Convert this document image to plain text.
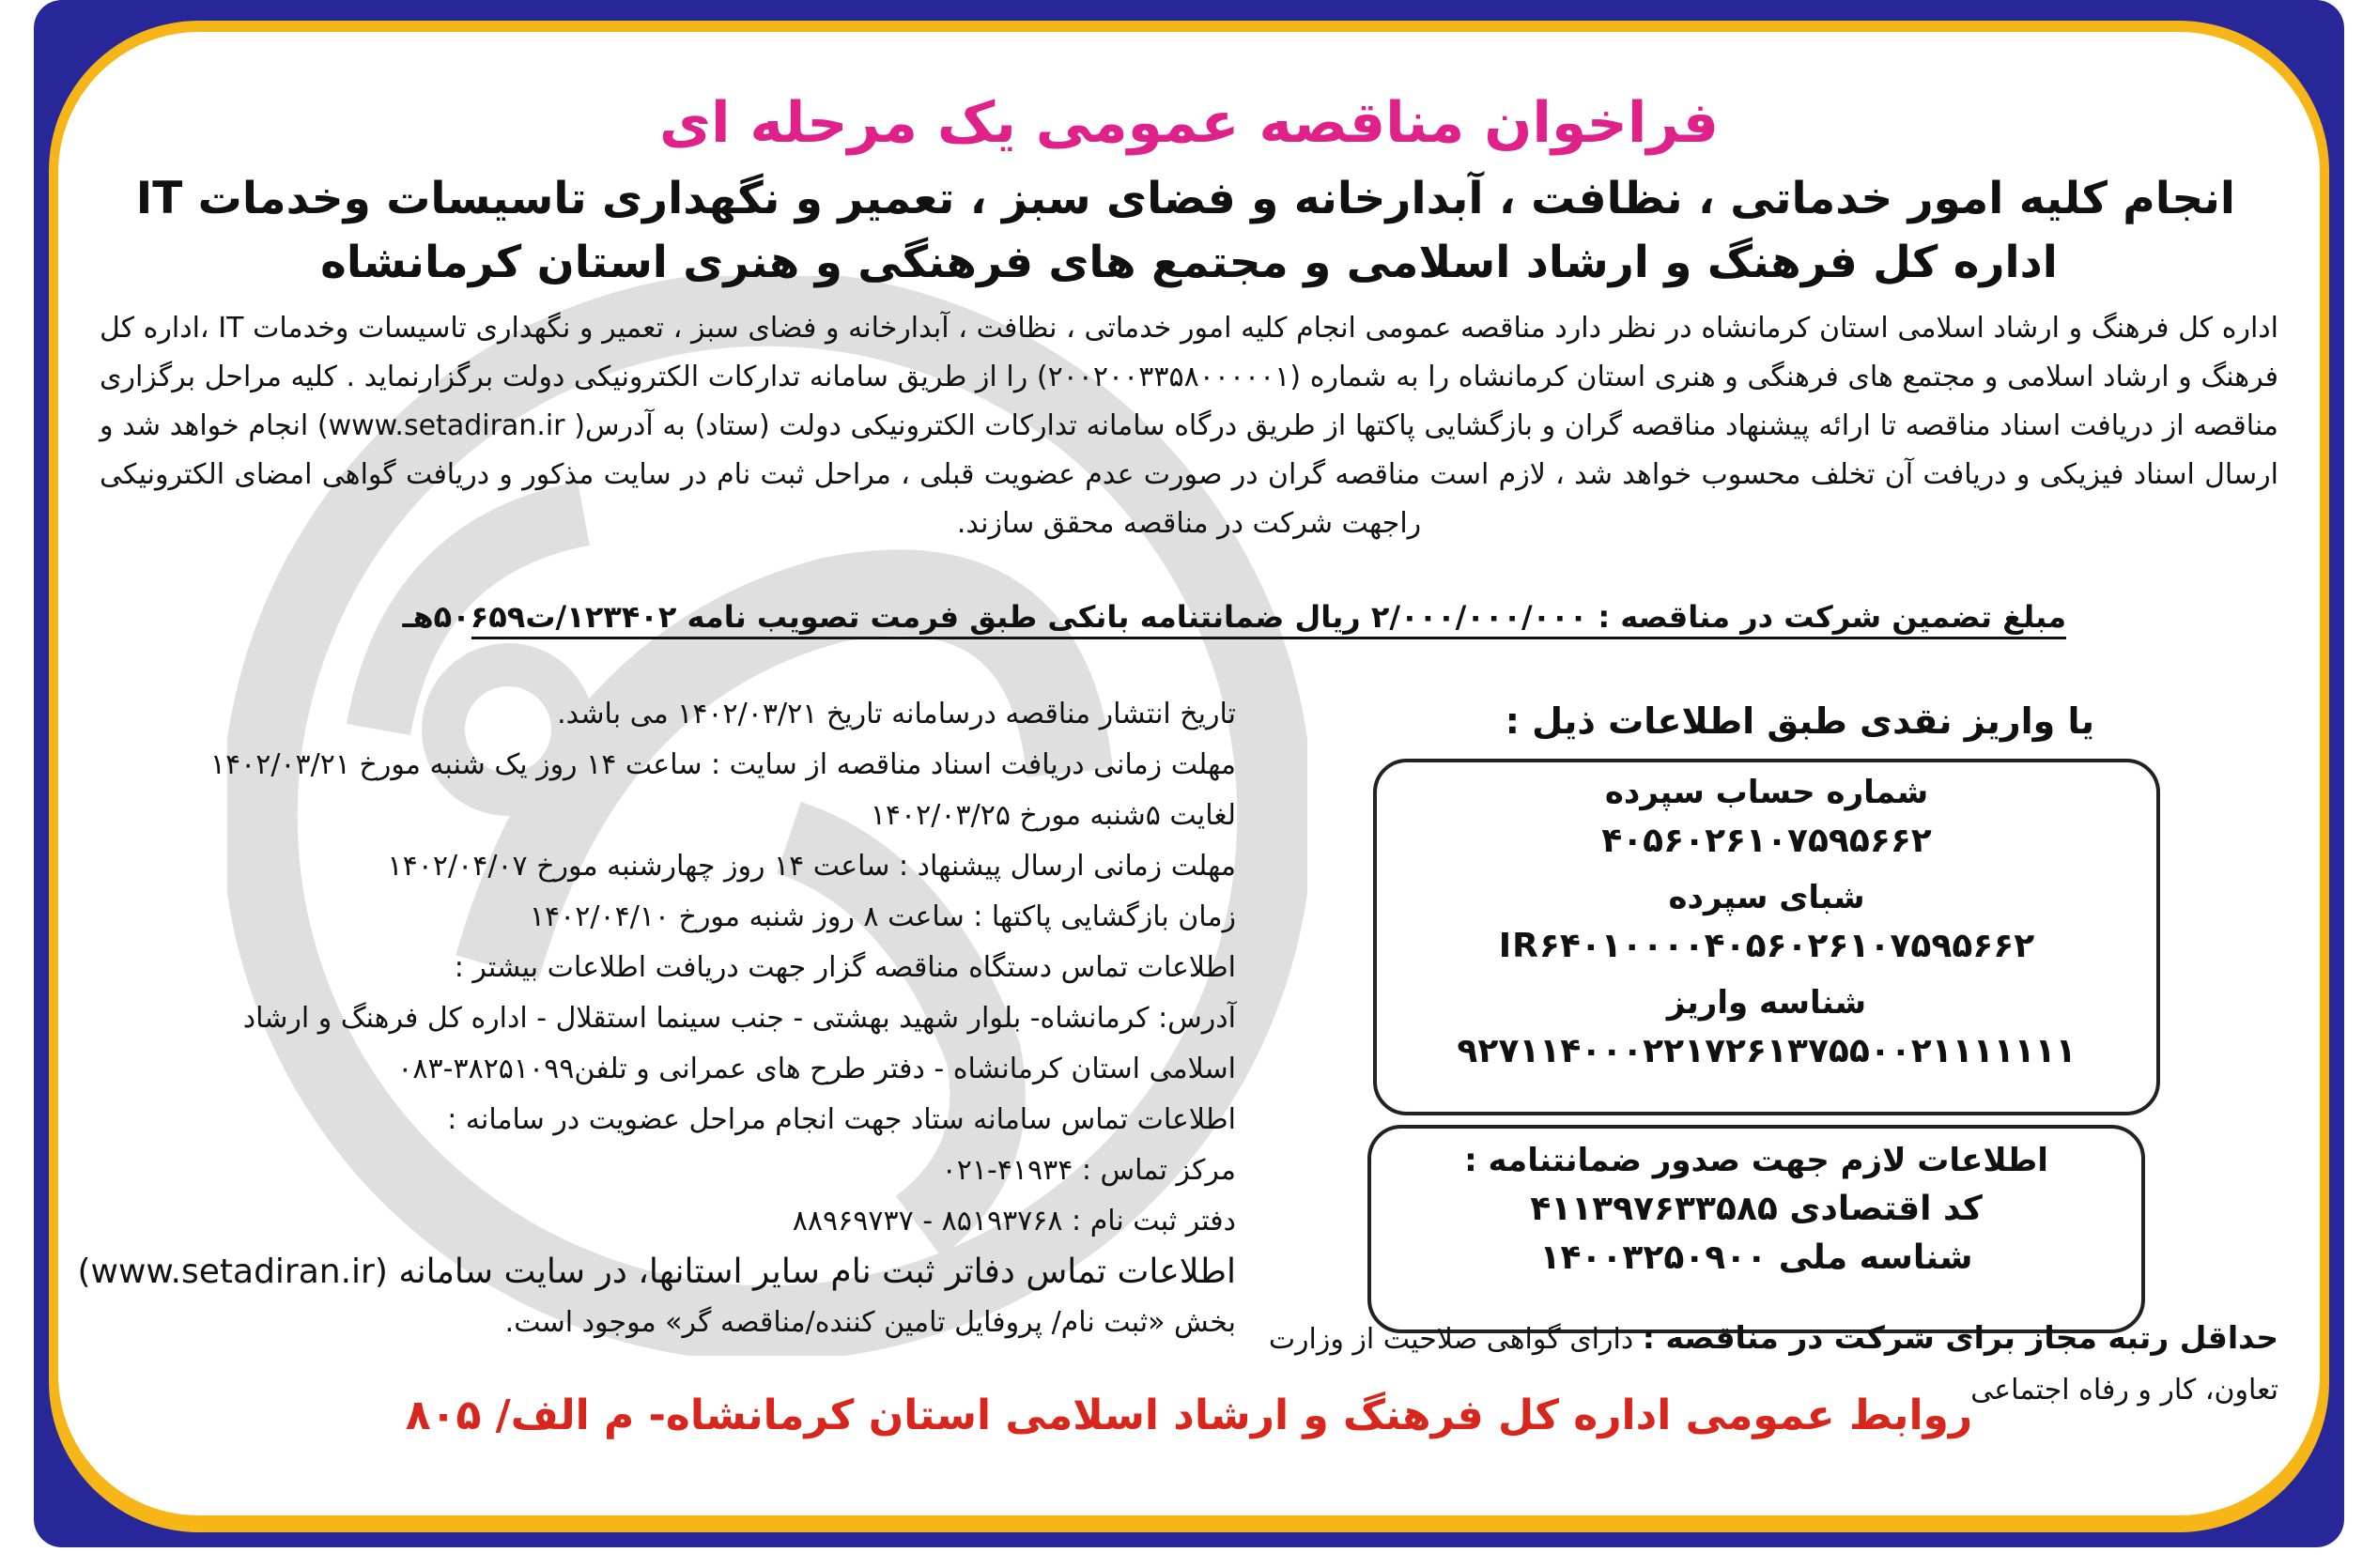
فراخوان مناقصه عمومی یک مرحله ای
انجام کلیه امور خدماتی ، نظافت ، آبدارخانه و فضای سبز ، تعمیر و نگهداری تاسیسات وخدمات IT
اداره کل فرهنگ و ارشاد اسلامی و مجتمع های فرهنگی و هنری استان کرمانشاه
اداره کل فرهنگ و ارشاد اسلامی استان کرمانشاه در نظر دارد مناقصه عمومی انجام کلیه امور خدماتی ، نظافت ، آبدارخانه و فضای سبز ، تعمیر و نگهداری تاسیسات وخدمات IT ،اداره کل فرهنگ و ارشاد اسلامی و مجتمع های فرهنگی و هنری استان کرمانشاه را به شماره (۲۰۰۲۰۰۳۳۵۸۰۰۰۰۰۱) را از طریق سامانه تدارکات الکترونیکی دولت برگزارنماید . کلیه مراحل برگزاری مناقصه از دریافت اسناد مناقصه تا ارائه پیشنهاد مناقصه گران و بازگشایی پاکتها از طریق درگاه سامانه تدارکات الکترونیکی دولت (ستاد) به آدرس( www.setadiran.ir) انجام خواهد شد و ارسال اسناد فیزیکی و دریافت آن تخلف محسوب خواهد شد ، لازم است مناقصه گران در صورت عدم عضویت قبلی ، مراحل ثبت نام در سایت مذکور و دریافت گواهی امضای الکترونیکی راجهت شرکت در مناقصه محقق سازند.
مبلغ تضمین شرکت در مناقصه : ۲/۰۰۰/۰۰۰/۰۰۰ ریال ضمانتنامه بانکی طبق فرمت تصویب نامه ۱۲۳۴۰۲/ت۵۰۶۵۹هـ

تاریخ انتشار مناقصه درسامانه تاریخ ۱۴۰۲/۰۳/۲۱ می باشد.

مهلت زمانی دریافت اسناد مناقصه از سایت : ساعت ۱۴ روز یک شنبه مورخ ۱۴۰۲/۰۳/۲۱

لغایت ۵شنبه مورخ ۱۴۰۲/۰۳/۲۵

مهلت زمانی ارسال پیشنهاد : ساعت ۱۴ روز چهارشنبه مورخ ۱۴۰۲/۰۴/۰۷

زمان بازگشایی پاکتها : ساعت ۸ روز شنبه مورخ ۱۴۰۲/۰۴/۱۰

اطلاعات تماس دستگاه مناقصه گزار جهت دریافت اطلاعات بیشتر :

آدرس: کرمانشاه- بلوار شهید بهشتی - جنب سینما استقلال - اداره کل فرهنگ و ارشاد

اسلامی استان کرمانشاه - دفتر طرح های عمرانی و تلفن۳۸۲۵۱۰۹۹-۰۸۳

اطلاعات تماس سامانه ستاد جهت انجام مراحل عضویت در سامانه :

مرکز تماس : ۴۱۹۳۴-۰۲۱

دفتر ثبت نام : ۸۵۱۹۳۷۶۸ - ۸۸۹۶۹۷۳۷

اطلاعات تماس دفاتر ثبت نام سایر استانها، در سایت سامانه (www.setadiran.ir)

بخش «ثبت نام/ پروفایل تامین کننده/مناقصه گر» موجود است.

یا واریز نقدی طبق اطلاعات ذیل :
شماره حساب سپرده
۴۰۵۶۰۲۶۱۰۷۵۹۵۶۶۲
شبای سپرده
IR۶۴۰۱۰۰۰۰۴۰۵۶۰۲۶۱۰۷۵۹۵۶۶۲
شناسه واریز
۹۲۷۱۱۴۰۰۰۲۲۱۷۲۶۱۳۷۵۵۰۰۲۱۱۱۱۱۱۱
اطلاعات لازم جهت صدور ضمانتنامه :
کد اقتصادی ۴۱۱۳۹۷۶۳۳۵۸۵
شناسه ملی ۱۴۰۰۳۲۵۰۹۰۰
حداقل رتبه مجاز برای شرکت در مناقصه : دارای گواهی صلاحیت از وزارت تعاون، کار و رفاه اجتماعی
روابط عمومی اداره کل فرهنگ و ارشاد اسلامی استان کرمانشاه- م الف/ ۸۰۵
